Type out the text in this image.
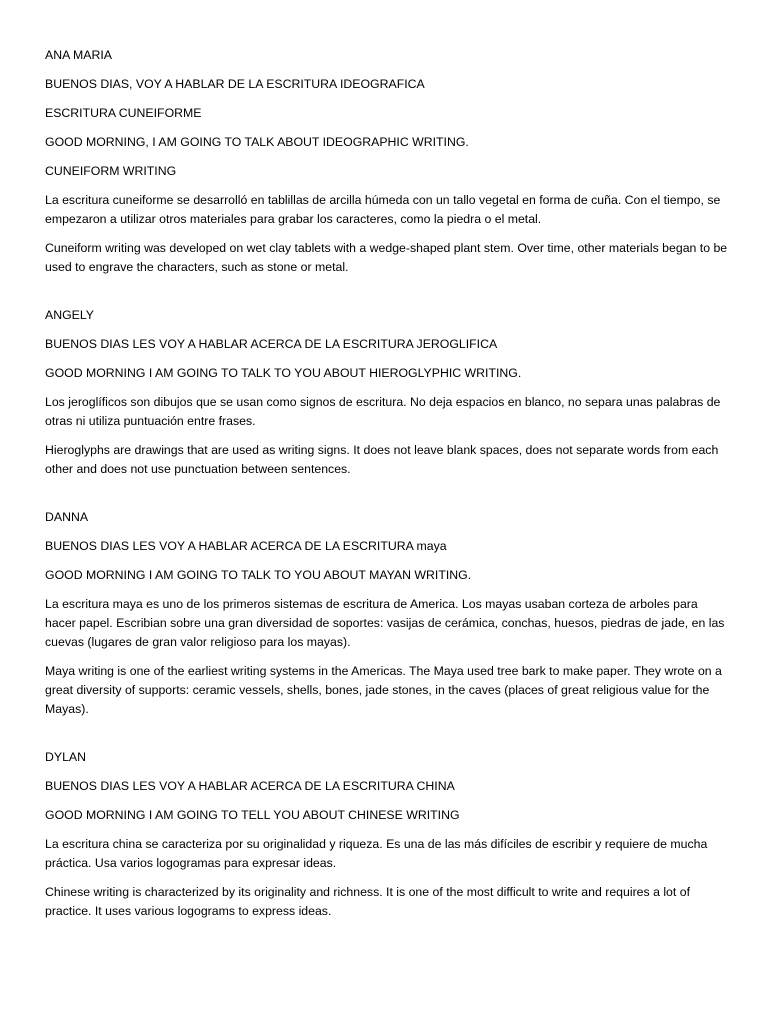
ANA MARIA

BUENOS DIAS, VOY A HABLAR DE LA ESCRITURA IDEOGRAFICA

ESCRITURA CUNEIFORME

GOOD MORNING, I AM GOING TO TALK ABOUT IDEOGRAPHIC WRITING.

CUNEIFORM WRITING

La escritura cuneiforme se desarrolló en tablillas de arcilla húmeda con un tallo vegetal en forma de cuña. Con el tiempo, se empezaron a utilizar otros materiales para grabar los caracteres, como la piedra o el metal.

Cuneiform writing was developed on wet clay tablets with a wedge-shaped plant stem. Over time, other materials began to be used to engrave the characters, such as stone or metal.

ANGELY

BUENOS DIAS LES VOY A HABLAR ACERCA DE LA ESCRITURA JEROGLIFICA

GOOD MORNING I AM GOING TO TALK TO YOU ABOUT HIEROGLYPHIC WRITING.

Los jeroglíficos son dibujos que se usan como signos de escritura. No deja espacios en blanco, no separa unas palabras de otras ni utiliza puntuación entre frases.

Hieroglyphs are drawings that are used as writing signs. It does not leave blank spaces, does not separate words from each other and does not use punctuation between sentences.

DANNA

BUENOS DIAS LES VOY A HABLAR ACERCA DE LA ESCRITURA maya

GOOD MORNING I AM GOING TO TALK TO YOU ABOUT MAYAN WRITING.

La escritura maya es uno de los primeros sistemas de escritura de America. Los mayas usaban corteza de arboles para hacer papel. Escribian sobre una gran diversidad de soportes: vasijas de cerámica, conchas, huesos, piedras de jade, en las cuevas (lugares de gran valor religioso para los mayas).

Maya writing is one of the earliest writing systems in the Americas. The Maya used tree bark to make paper. They wrote on a great diversity of supports: ceramic vessels, shells, bones, jade stones, in the caves (places of great religious value for the Mayas).

DYLAN

BUENOS DIAS LES VOY A HABLAR ACERCA DE LA ESCRITURA CHINA

GOOD MORNING I AM GOING TO TELL YOU ABOUT CHINESE WRITING

La escritura china se caracteriza por su originalidad y riqueza. Es una de las más difíciles de escribir y requiere de mucha práctica. Usa varios logogramas para expresar ideas.

Chinese writing is characterized by its originality and richness. It is one of the most difficult to write and requires a lot of practice. It uses various logograms to express ideas.
